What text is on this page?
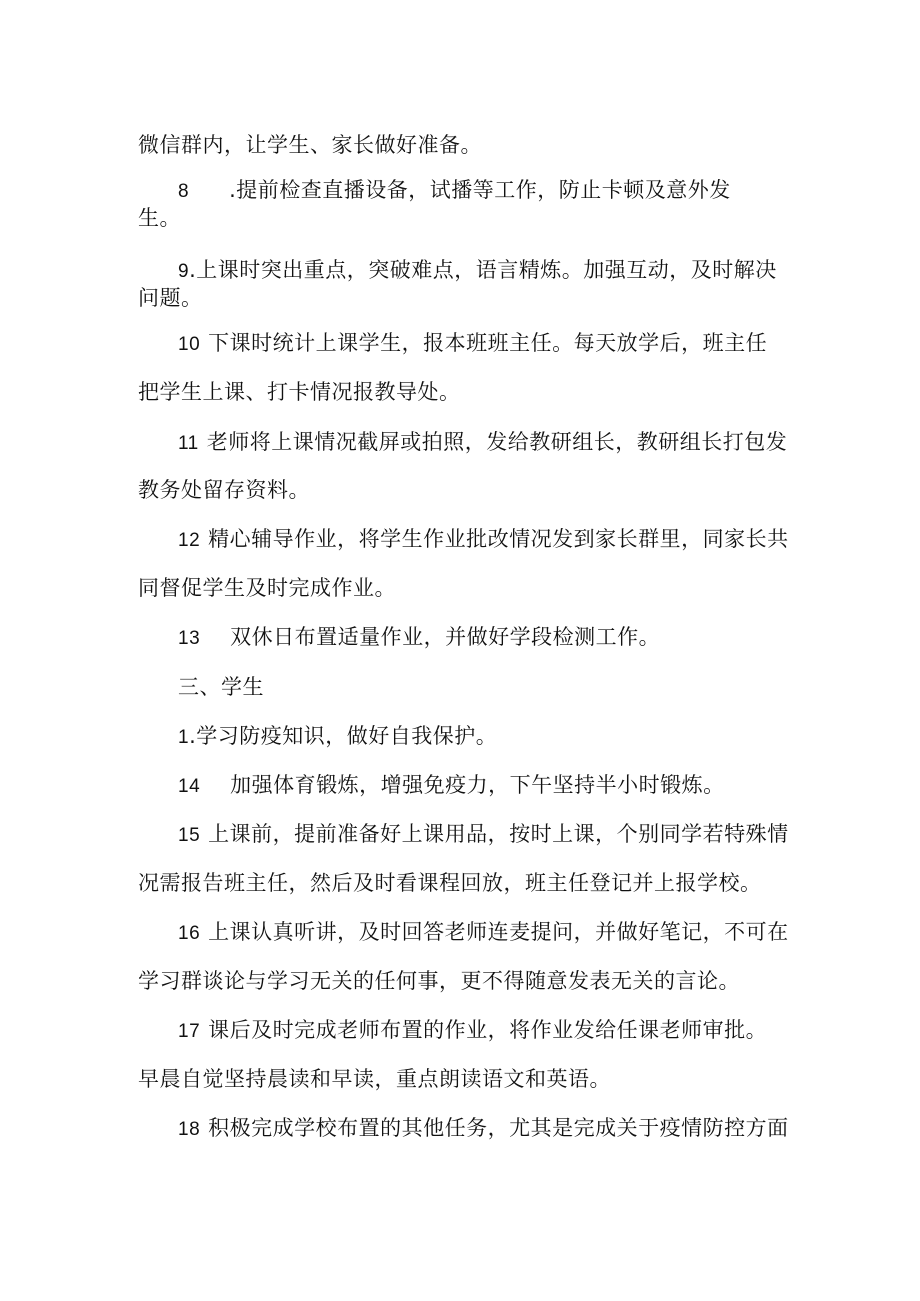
微信群内，让学生、家长做好准备。
8 .提前检查直播设备，试播等工作，防止卡顿及意外发
生。
9.上课时突出重点，突破难点，语言精炼。加强互动，及时解决
问题。
10 下课时统计上课学生，报本班班主任。每天放学后，班主任
把学生上课、打卡情况报教导处。
11 老师将上课情况截屏或拍照，发给教研组长，教研组长打包发
教务处留存资料。
12 精心辅导作业，将学生作业批改情况发到家长群里，同家长共
同督促学生及时完成作业。
13 双休日布置适量作业，并做好学段检测工作。
三、学生
1.学习防疫知识，做好自我保护。
14 加强体育锻炼，增强免疫力，下午坚持半小时锻炼。
15 上课前，提前准备好上课用品，按时上课，个别同学若特殊情
况需报告班主任，然后及时看课程回放，班主任登记并上报学校。
16 上课认真听讲，及时回答老师连麦提问，并做好笔记，不可在
学习群谈论与学习无关的任何事，更不得随意发表无关的言论。
17 课后及时完成老师布置的作业，将作业发给任课老师审批。
早晨自觉坚持晨读和早读，重点朗读语文和英语。
18 积极完成学校布置的其他任务，尤其是完成关于疫情防控方面
